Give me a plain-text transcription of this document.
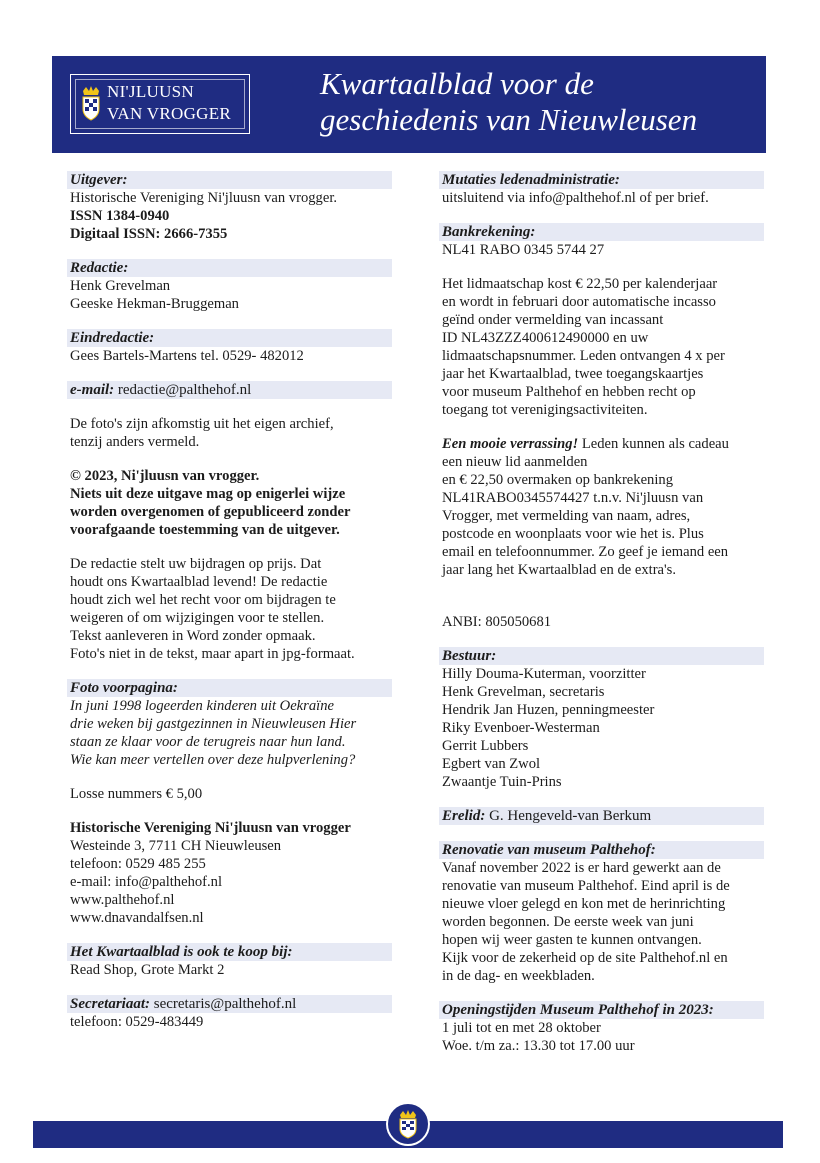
NI'JLUUSN
VAN VROGGER
Kwartaalblad voor de
geschiedenis van Nieuwleusen
Uitgever:
Historische Vereniging Ni'jluusn van vrogger.
ISSN 1384-0940
Digitaal ISSN: 2666-7355
Redactie:
Henk Grevelman
Geeske Hekman-Bruggeman
Eindredactie:
Gees Bartels-Martens tel. 0529- 482012
e-mail: redactie@palthehof.nl
De foto's zijn afkomstig uit het eigen archief,
tenzij anders vermeld.
© 2023, Ni'jluusn van vrogger.
Niets uit deze uitgave mag op enigerlei wijze
worden overgenomen of gepubliceerd zonder
voorafgaande toestemming van de uitgever.
De redactie stelt uw bijdragen op prijs. Dat
houdt ons Kwartaalblad levend! De redactie
houdt zich wel het recht voor om bijdragen te
weigeren of om wijzigingen voor te stellen.
Tekst aanleveren in Word zonder opmaak.
Foto's niet in de tekst, maar apart in jpg-formaat.
Foto voorpagina:
In juni 1998 logeerden kinderen uit Oekraïne
drie weken bij gastgezinnen in Nieuwleusen Hier
staan ze klaar voor de terugreis naar hun land.
Wie kan meer vertellen over deze hulpverlening?
Losse nummers € 5,00
Historische Vereniging Ni'jluusn van vrogger
Westeinde 3, 7711 CH Nieuwleusen
telefoon: 0529 485 255
e-mail: info@palthehof.nl
www.palthehof.nl
www.dnavandalfsen.nl
Het Kwartaalblad is ook te koop bij:
Read Shop, Grote Markt 2
Secretariaat: secretaris@palthehof.nl
telefoon: 0529-483449
Mutaties ledenadministratie:
uitsluitend via info@palthehof.nl of per brief.
Bankrekening:
NL41 RABO 0345 5744 27
Het lidmaatschap kost € 22,50 per kalenderjaar
en wordt in februari door automatische incasso
geïnd onder vermelding van incassant
ID NL43ZZZ400612490000 en uw
lidmaatschapsnummer. Leden ontvangen 4 x per
jaar het Kwartaalblad, twee toegangskaartjes
voor museum Palthehof en hebben recht op
toegang tot verenigingsactiviteiten.
Een mooie verrassing! Leden kunnen als cadeau
een nieuw lid aanmelden
en € 22,50 overmaken op bankrekening
NL41RABO0345574427 t.n.v. Ni'jluusn van
Vrogger, met vermelding van naam, adres,
postcode en woonplaats voor wie het is. Plus
email en telefoonnummer. Zo geef je iemand een
jaar lang het Kwartaalblad en de extra's.
ANBI: 805050681
Bestuur:
Hilly Douma-Kuterman, voorzitter
Henk Grevelman, secretaris
Hendrik Jan Huzen, penningmeester
Riky Evenboer-Westerman
Gerrit Lubbers
Egbert van Zwol
Zwaantje Tuin-Prins
Erelid: G. Hengeveld-van Berkum
Renovatie van museum Palthehof:
Vanaf november 2022 is er hard gewerkt aan de
renovatie van museum Palthehof. Eind april is de
nieuwe vloer gelegd en kon met de herinrichting
worden begonnen. De eerste week van juni
hopen wij weer gasten te kunnen ontvangen.
Kijk voor de zekerheid op de site Palthehof.nl en
in de dag- en weekbladen.
Openingstijden Museum Palthehof in 2023:
1 juli tot en met 28 oktober
Woe. t/m za.: 13.30 tot 17.00 uur
